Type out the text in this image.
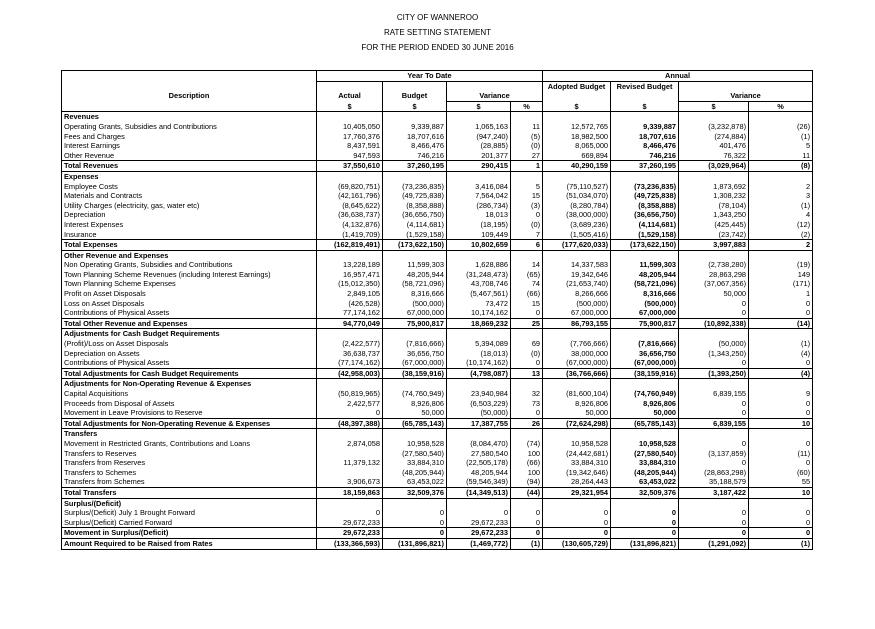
CITY OF WANNEROO
RATE SETTING STATEMENT
FOR THE PERIOD ENDED 30 JUNE 2016
	Year To Date				Annual			
					Adopted Budget	Revised Budget		
Description	Actual	Budget	Variance				Variance	
	$	$	$	%	$	$	$	%
Revenues								
Operating Grants, Subsidies and Contributions	10,405,050	9,339,887	1,065,163	11	12,572,765	9,339,887	(3,232,878)	(26)
Fees and Charges	17,760,376	18,707,616	(947,240)	(5)	18,982,500	18,707,616	(274,884)	(1)
Interest Earnings	8,437,591	8,466,476	(28,885)	(0)	8,065,000	8,466,476	401,476	5
Other Revenue	947,593	746,216	201,377	27	669,894	746,216	76,322	11
Total Revenues	37,550,610	37,260,195	290,415	1	40,290,159	37,260,195	(3,029,964)	(8)
Expenses								
Employee Costs	(69,820,751)	(73,236,835)	3,416,084	5	(75,110,527)	(73,236,835)	1,873,692	2
Materials and Contracts	(42,161,796)	(49,725,838)	7,564,042	15	(51,034,070)	(49,725,838)	1,308,232	3
Utility Charges (electricity, gas, water etc)	(8,645,622)	(8,358,888)	(286,734)	(3)	(8,280,784)	(8,358,888)	(78,104)	(1)
Depreciation	(36,638,737)	(36,656,750)	18,013	0	(38,000,000)	(36,656,750)	1,343,250	4
Interest Expenses	(4,132,876)	(4,114,681)	(18,195)	(0)	(3,689,236)	(4,114,681)	(425,445)	(12)
Insurance	(1,419,709)	(1,529,158)	109,449	7	(1,505,416)	(1,529,158)	(23,742)	(2)
Total Expenses	(162,819,491)	(173,622,150)	10,802,659	6	(177,620,033)	(173,622,150)	3,997,883	2
Other Revenue and Expenses								
Non Operating Grants, Subsidies and Contributions	13,228,189	11,599,303	1,628,886	14	14,337,583	11,599,303	(2,738,280)	(19)
Town Planning Scheme Revenues (including Interest Earnings)	16,957,471	48,205,944	(31,248,473)	(65)	19,342,646	48,205,944	28,863,298	149
Town Planning Scheme Expenses	(15,012,350)	(58,721,096)	43,708,746	74	(21,653,740)	(58,721,096)	(37,067,356)	(171)
Profit on Asset Disposals	2,849,105	8,316,666	(5,467,561)	(66)	8,266,666	8,316,666	50,000	1
Loss on Asset Disposals	(426,528)	(500,000)	73,472	15	(500,000)	(500,000)	0	0
Contributions of Physical Assets	77,174,162	67,000,000	10,174,162	0	67,000,000	67,000,000	0	0
Total Other Revenue and Expenses	94,770,049	75,900,817	18,869,232	25	86,793,155	75,900,817	(10,892,338)	(14)
Adjustments for Cash Budget Requirements								
(Profit)/Loss on Asset Disposals	(2,422,577)	(7,816,666)	5,394,089	69	(7,766,666)	(7,816,666)	(50,000)	(1)
Depreciation on Assets	36,638,737	36,656,750	(18,013)	(0)	38,000,000	36,656,750	(1,343,250)	(4)
Contributions of Physical Assets	(77,174,162)	(67,000,000)	(10,174,162)	0	(67,000,000)	(67,000,000)	0	0
Total Adjustments for Cash Budget Requirements	(42,958,003)	(38,159,916)	(4,798,087)	13	(36,766,666)	(38,159,916)	(1,393,250)	(4)
Adjustments for Non-Operating Revenue & Expenses								
Capital Acquisitions	(50,819,965)	(74,760,949)	23,940,984	32	(81,600,104)	(74,760,949)	6,839,155	9
Proceeds from Disposal of Assets	2,422,577	8,926,806	(6,503,229)	73	8,926,806	8,926,806	0	0
Movement in Leave Provisions to Reserve	0	50,000	(50,000)	0	50,000	50,000	0	0
Total Adjustments for Non-Operating Revenue & Expenses	(48,397,388)	(65,785,143)	17,387,755	26	(72,624,298)	(65,785,143)	6,839,155	10
Transfers								
Movement in Restricted Grants, Contributions and Loans	2,874,058	10,958,528	(8,084,470)	(74)	10,958,528	10,958,528	0	0
Transfers to Reserves		(27,580,540)	27,580,540	100	(24,442,681)	(27,580,540)	(3,137,859)	(11)
Transfers from Reserves	11,379,132	33,884,310	(22,505,178)	(66)	33,884,310	33,884,310	0	0
Transfers to Schemes		(48,205,944)	48,205,944	100	(19,342,646)	(48,205,944)	(28,863,298)	(60)
Transfers from Schemes	3,906,673	63,453,022	(59,546,349)	(94)	28,264,443	63,453,022	35,188,579	55
Total Transfers	18,159,863	32,509,376	(14,349,513)	(44)	29,321,954	32,509,376	3,187,422	10
Surplus/(Deficit)								
Surplus/(Deficit) July 1 Brought Forward	0	0	0	0	0	0	0	0
Surplus/(Deficit) Carried Forward	29,672,233	0	29,672,233	0	0	0	0	0
Movement in Surplus/(Deficit)	29,672,233	0	29,672,233	0	0	0	0	0
Amount Required to be Raised from Rates	(133,366,593)	(131,896,821)	(1,469,772)	(1)	(130,605,729)	(131,896,821)	(1,291,092)	(1)
